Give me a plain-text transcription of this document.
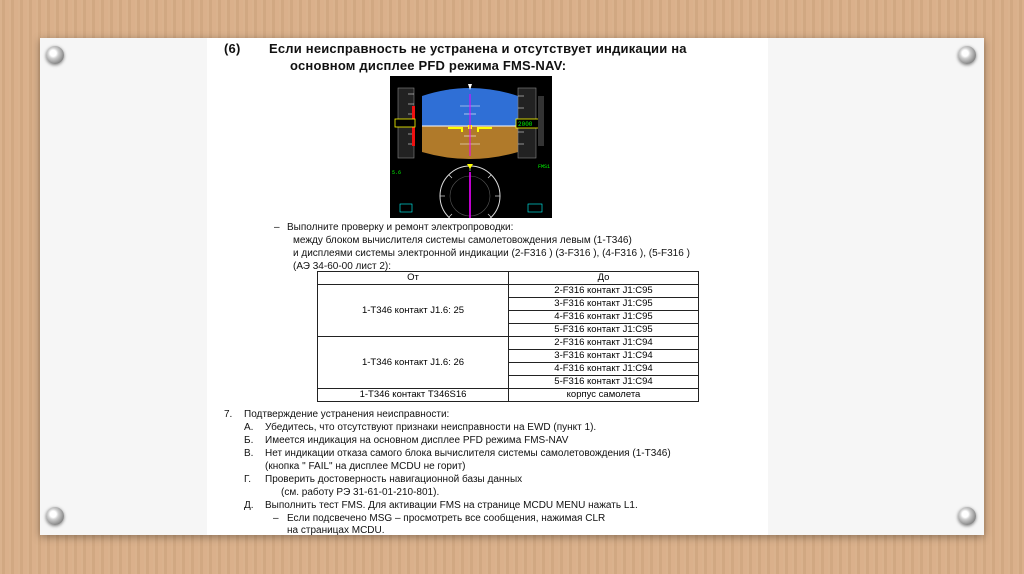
(6) Если неисправность не устранена и отсутствует индикации на
основном дисплее PFD режима FMS-NAV:
2000
FMS1
5.6
– Выполните проверку и ремонт электропроводки:
между блоком вычислителя системы самолетовождения левым (1-Т346)
и дисплеями системы электронной индикации (2-F316 ) (3-F316 ), (4-F316 ), (5-F316 )
(АЭ 34-60-00 лист 2):
От	До
1-Т346 контакт J1.6: 25	2-F316 контакт J1:С95
	3-F316 контакт J1:С95
	4-F316 контакт J1:С95
	5-F316 контакт J1:С95
1-Т346 контакт J1.6: 26	2-F316 контакт J1:С94
	3-F316 контакт J1:С94
	4-F316 контакт J1:С94
	5-F316 контакт J1:С94
1-Т346 контакт Т346S16	корпус самолета
7. Подтверждение устранения неисправности:
А. Убедитесь, что отсутствуют признаки неисправности на EWD (пункт 1).
Б. Имеется индикация на основном дисплее PFD режима FMS-NAV
В. Нет индикации отказа самого блока вычислителя системы самолетовождения (1-Т346)
(кнопка " FAIL" на дисплее MCDU не горит)
Г. Проверить достоверность навигационной базы данных
(см. работу РЭ 31-61-01-210-801).
Д. Выполнить тест FMS. Для активации FMS на странице MCDU MENU нажать L1.
– Если подсвечено MSG – просмотреть все сообщения, нажимая CLR
на страницах MCDU.
